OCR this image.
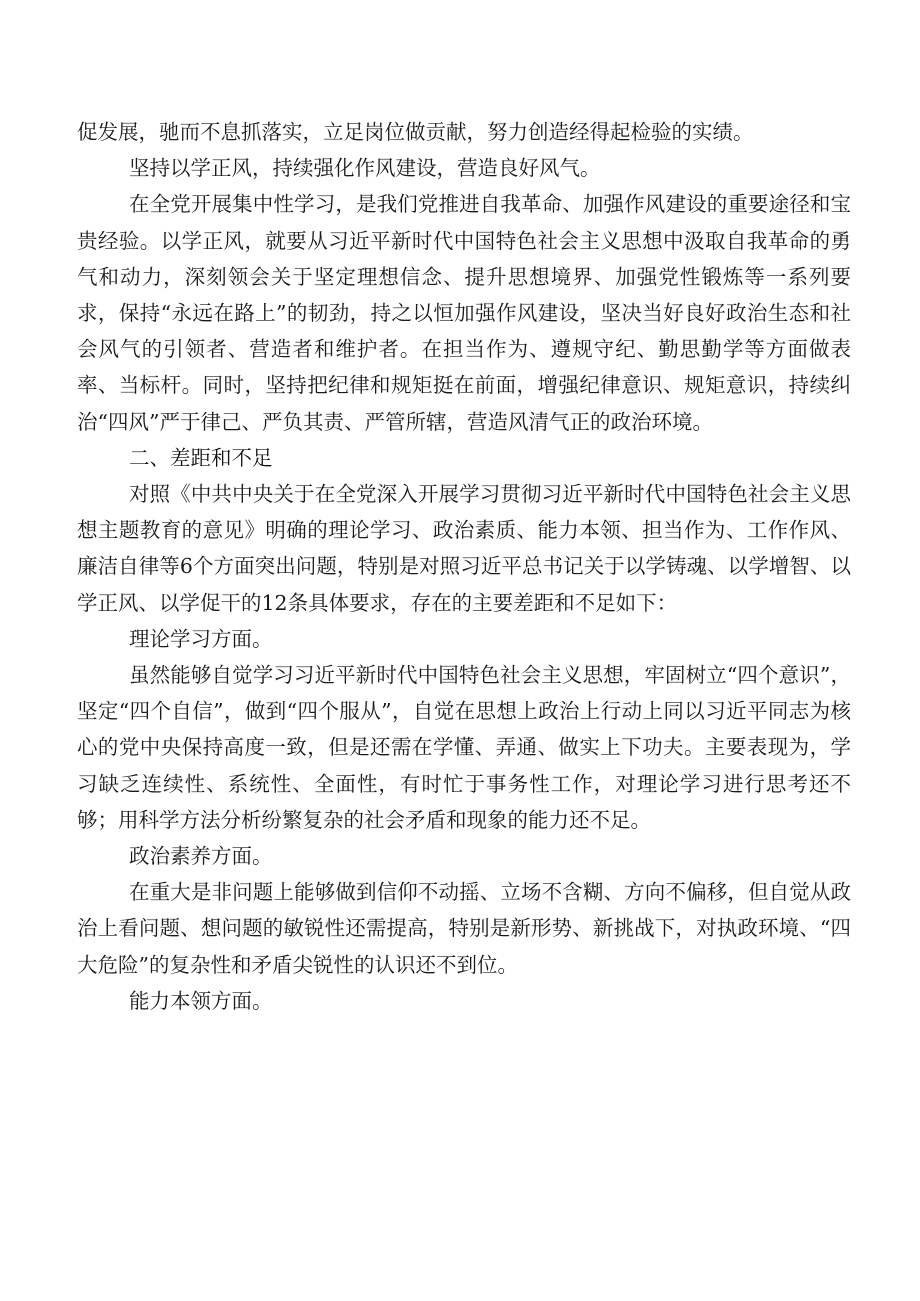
促发展，驰而不息抓落实，立足岗位做贡献，努力创造经得起检验的实绩。

坚持以学正风，持续强化作风建设，营造良好风气。

在全党开展集中性学习，是我们党推进自我革命、加强作风建设的重要途径和宝贵经验。以学正风，就要从习近平新时代中国特色社会主义思想中汲取自我革命的勇气和动力，深刻领会关于坚定理想信念、提升思想境界、加强党性锻炼等一系列要求，保持“永远在路上”的韧劲，持之以恒加强作风建设，坚决当好良好政治生态和社会风气的引领者、营造者和维护者。在担当作为、遵规守纪、勤思勤学等方面做表率、当标杆。同时，坚持把纪律和规矩挺在前面，增强纪律意识、规矩意识，持续纠治“四风”严于律己、严负其责、严管所辖，营造风清气正的政治环境。

二、差距和不足

对照《中共中央关于在全党深入开展学习贯彻习近平新时代中国特色社会主义思想主题教育的意见》明确的理论学习、政治素质、能力本领、担当作为、工作作风、廉洁自律等6个方面突出问题，特别是对照习近平总书记关于以学铸魂、以学增智、以学正风、以学促干的12条具体要求，存在的主要差距和不足如下：

理论学习方面。

虽然能够自觉学习习近平新时代中国特色社会主义思想，牢固树立“四个意识”，坚定“四个自信”，做到“四个服从”，自觉在思想上政治上行动上同以习近平同志为核心的党中央保持高度一致，但是还需在学懂、弄通、做实上下功夫。主要表现为，学习缺乏连续性、系统性、全面性，有时忙于事务性工作，对理论学习进行思考还不够；用科学方法分析纷繁复杂的社会矛盾和现象的能力还不足。

政治素养方面。

在重大是非问题上能够做到信仰不动摇、立场不含糊、方向不偏移，但自觉从政治上看问题、想问题的敏锐性还需提高，特别是新形势、新挑战下，对执政环境、“四大危险”的复杂性和矛盾尖锐性的认识还不到位。

能力本领方面。
